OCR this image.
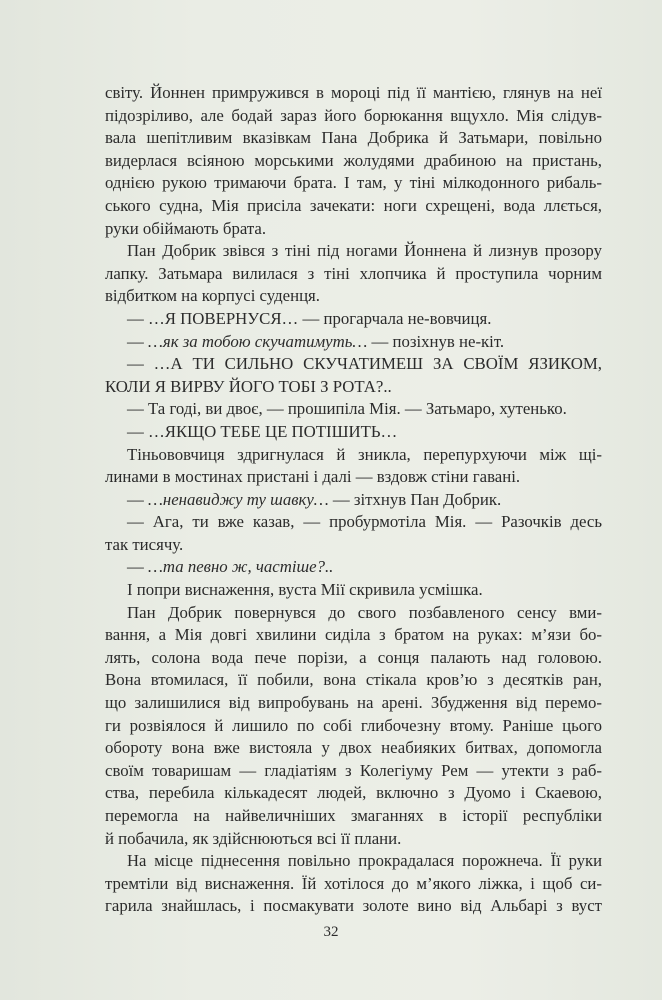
світу. Йоннен примружився в мороці під її мантією, глянув на неї
підозріливо, але бодай зараз його борюкання вщухло. Мія слідув-
вала шепітливим вказівкам Пана Добрика й Затьмари, повільно
видерлася всіяною морськими жолудями драбиною на пристань,
однією рукою тримаючи брата. І там, у тіні мілкодонного рибаль-
ського судна, Мія присіла зачекати: ноги схрещені, вода ллється,
руки обіймають брата.
Пан Добрик звівся з тіні під ногами Йоннена й лизнув прозору
лапку. Затьмара вилилася з тіні хлопчика й проступила чорним
відбитком на корпусі суденця.
— …Я ПОВЕРНУСЯ… — прогарчала не-вовчиця.
— …як за тобою скучатимуть… — позіхнув не-кіт.
— …А ТИ СИЛЬНО СКУЧАТИМЕШ ЗА СВОЇМ ЯЗИКОМ,
КОЛИ Я ВИРВУ ЙОГО ТОБІ З РОТА?..
— Та годі, ви двоє, — прошипіла Мія. — Затьмаро, хутенько.
— …ЯКЩО ТЕБЕ ЦЕ ПОТІШИТЬ…
Тіньововчиця здригнулася й зникла, перепурхуючи між щі-
линами в мостинах пристані і далі — вздовж стіни гавані.
— …ненавиджу ту шавку… — зітхнув Пан Добрик.
— Ага, ти вже казав, — пробурмотіла Мія. — Разочків десь
так тисячу.
— …та певно ж, частіше?..
І попри виснаження, вуста Мії скривила усмішка.
Пан Добрик повернувся до свого позбавленого сенсу вми-
вання, а Мія довгі хвилини сиділа з братом на руках: м’язи бо-
лять, солона вода пече порізи, а сонця палають над головою.
Вона втомилася, її побили, вона стікала кров’ю з десятків ран,
що залишилися від випробувань на арені. Збудження від перемо-
ги розвіялося й лишило по собі глибочезну втому. Раніше цього
обороту вона вже вистояла у двох неабияких битвах, допомогла
своїм товаришам — гладіатіям з Колегіуму Рем — утекти з раб-
ства, перебила кількадесят людей, включно з Дуомо і Скаевою,
перемогла на найвеличніших змаганнях в історії республіки
й побачила, як здійснюються всі її плани.
На місце піднесення повільно прокрадалася порожнеча. Її руки
тремтіли від виснаження. Їй хотілося до м’якого ліжка, і щоб си-
гарила знайшлась, і посмакувати золоте вино від Альбарі з вуст
32
